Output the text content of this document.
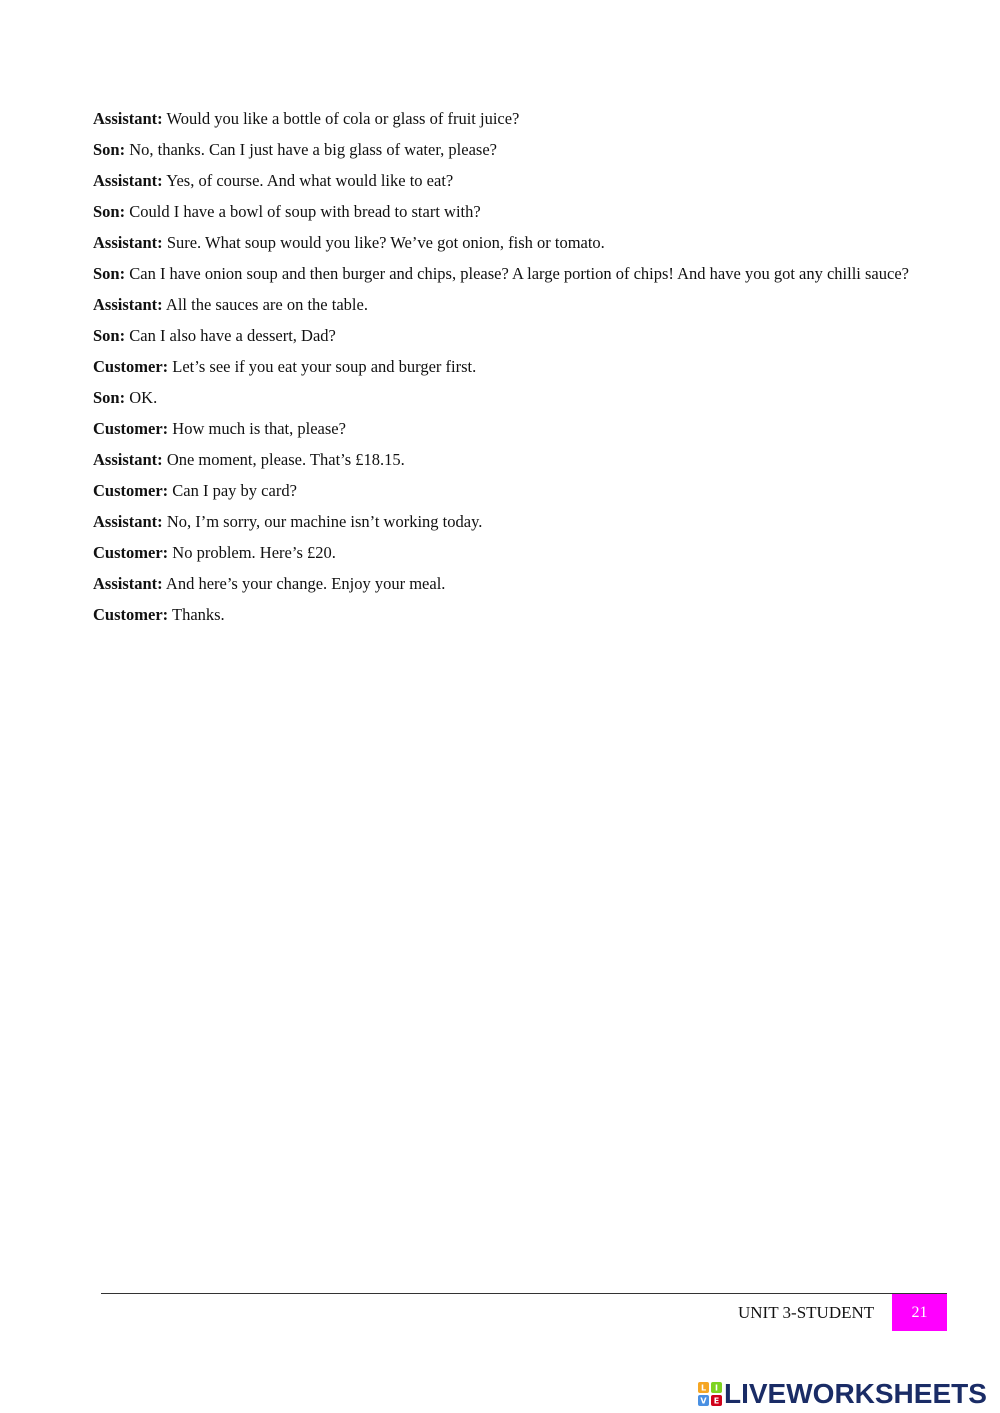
Assistant: Would you like a bottle of cola or glass of fruit juice?
Son: No, thanks. Can I just have a big glass of water, please?
Assistant: Yes, of course. And what would like to eat?
Son: Could I have a bowl of soup with bread to start with?
Assistant: Sure. What soup would you like? We’ve got onion, fish or tomato.
Son: Can I have onion soup and then burger and chips, please? A large portion of chips! And have you got any chilli sauce?
Assistant: All the sauces are on the table.
Son: Can I also have a dessert, Dad?
Customer: Let’s see if you eat your soup and burger first.
Son: OK.
Customer: How much is that, please?
Assistant: One moment, please. That’s £18.15.
Customer: Can I pay by card?
Assistant: No, I’m sorry, our machine isn’t working today.
Customer: No problem. Here’s £20.
Assistant: And here’s your change. Enjoy your meal.
Customer: Thanks.
UNIT 3-STUDENT	21
L I
V E LIVEWORKSHEETS
